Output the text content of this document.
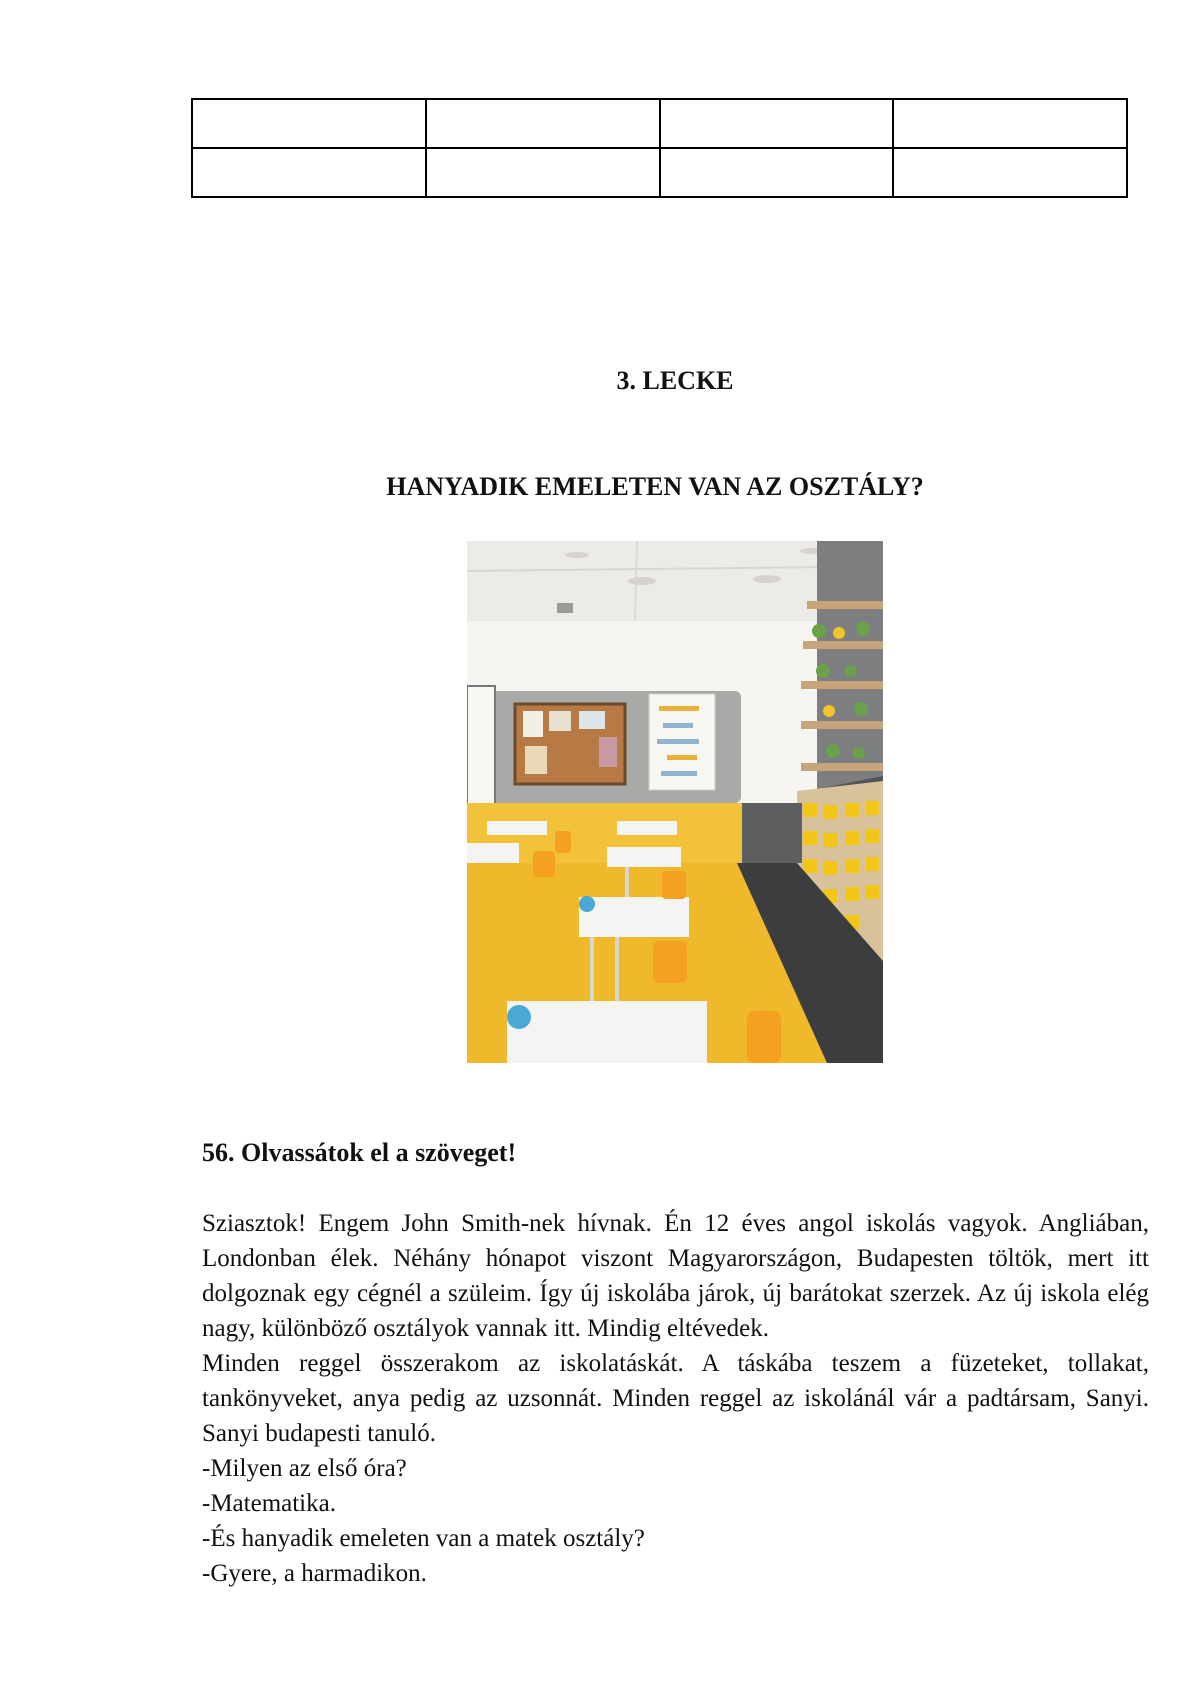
3. LECKE
HANYADIK EMELETEN VAN AZ OSZTÁLY?
56. Olvassátok el a szöveget!
Sziasztok! Engem John Smith-nek hívnak. Én 12 éves angol iskolás vagyok. Angliában, Londonban élek. Néhány hónapot viszont Magyarországon, Budapesten töltök, mert itt dolgoznak egy cégnél a szüleim. Így új iskolába járok, új barátokat szerzek. Az új iskola elég nagy, különböző osztályok vannak itt. Mindig eltévedek.
Minden reggel összerakom az iskolatáskát. A táskába teszem a füzeteket, tollakat, tankönyveket, anya pedig az uzsonnát. Minden reggel az iskolánál vár a padtársam, Sanyi. Sanyi budapesti tanuló.
-Milyen az első óra?
-Matematika.
-És hanyadik emeleten van a matek osztály?
-Gyere, a harmadikon.
